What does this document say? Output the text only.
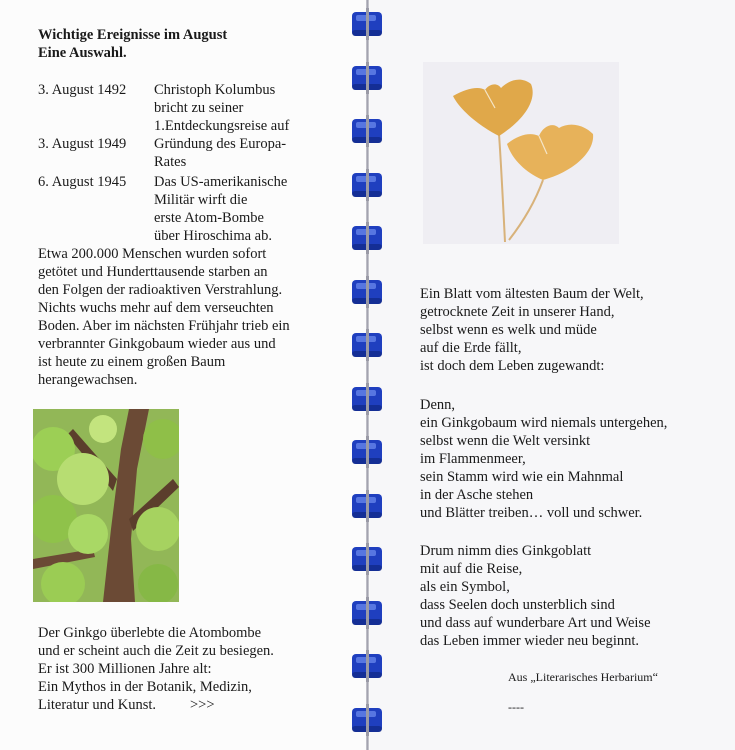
Wichtige Ereignisse im August
Eine Auswahl.
3. August 1492 Christoph Kolumbus
bricht zu seiner
1.Entdeckungsreise auf
3. August 1949 Gründung des Europa-
Rates
6. August 1945 Das US-amerikanische
Militär wirft die
erste Atom-Bombe
über Hiroschima ab.
Etwa 200.000 Menschen wurden sofort
getötet und Hunderttausende starben an
den Folgen der radioaktiven Verstrahlung.
Nichts wuchs mehr auf dem verseuchten
Boden. Aber im nächsten Frühjahr trieb ein
verbrannter Ginkgobaum wieder aus und
ist heute zu einem großen Baum
herangewachsen.
Der Ginkgo überlebte die Atombombe
und er scheint auch die Zeit zu besiegen.
Er ist 300 Millionen Jahre alt:
Ein Mythos in der Botanik, Medizin,
Literatur und Kunst. >>>
Ein Blatt vom ältesten Baum der Welt,
getrocknete Zeit in unserer Hand,
selbst wenn es welk und müde
auf die Erde fällt,
ist doch dem Leben zugewandt:
Denn,
ein Ginkgobaum wird niemals untergehen,
selbst wenn die Welt versinkt
im Flammenmeer,
sein Stamm wird wie ein Mahnmal
in der Asche stehen
und Blätter treiben… voll und schwer.
Drum nimm dies Ginkgoblatt
mit auf die Reise,
als ein Symbol,
dass Seelen doch unsterblich sind
und dass auf wunderbare Art und Weise
das Leben immer wieder neu beginnt.
Aus „Literarisches Herbarium“
----
